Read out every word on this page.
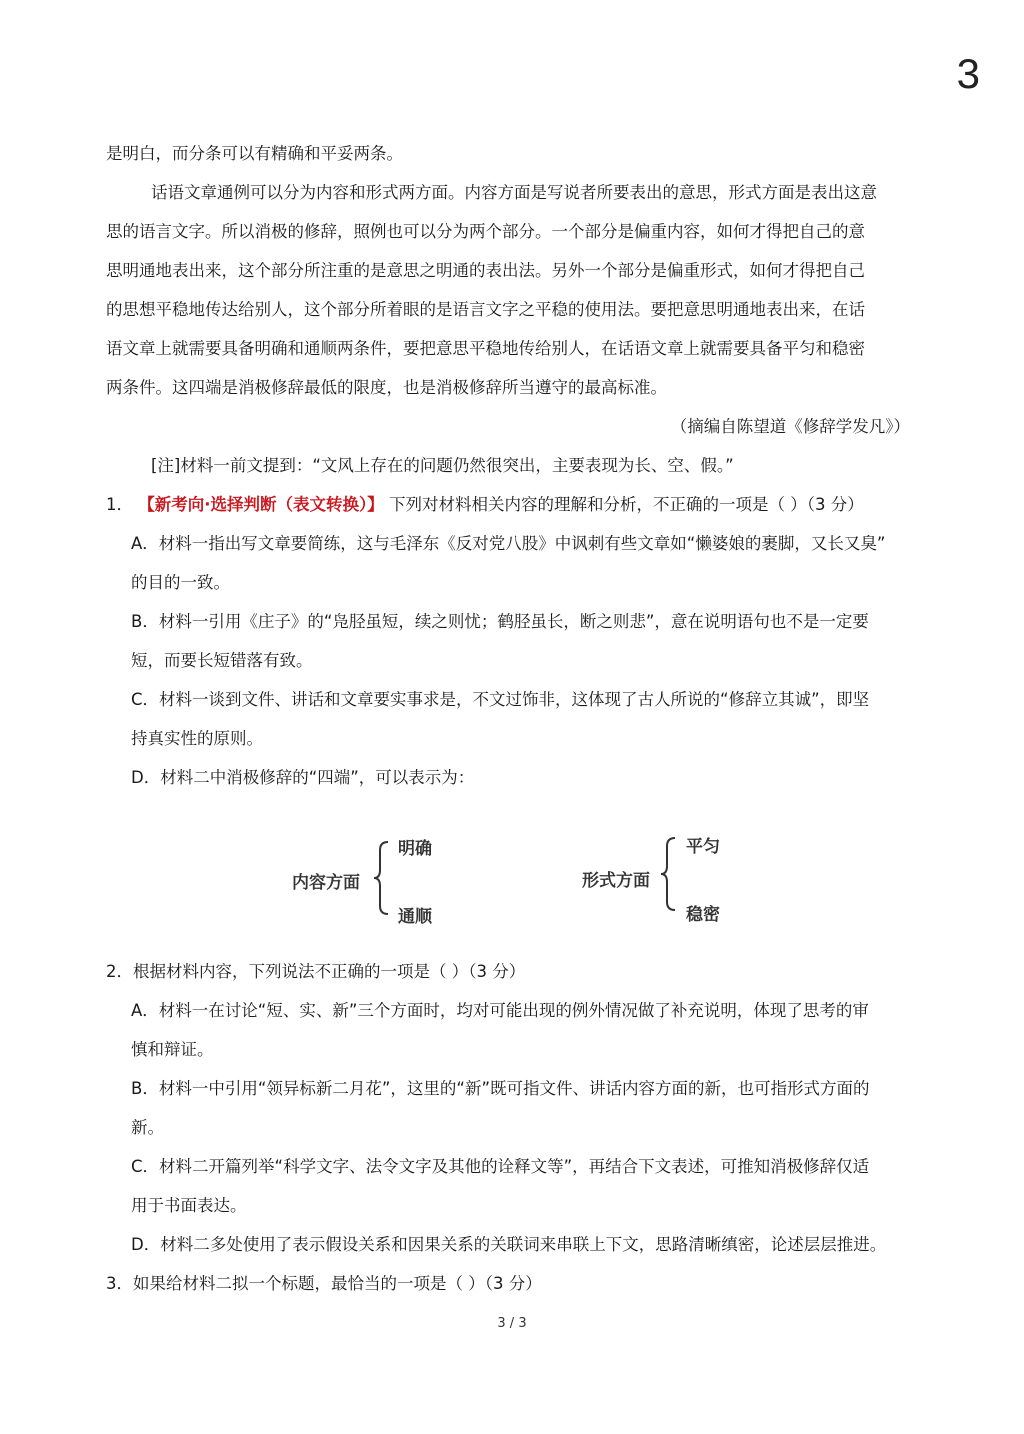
3
是明白，而分条可以有精确和平妥两条。
话语文章通例可以分为内容和形式两方面。内容方面是写说者所要表出的意思，形式方面是表出这意
思的语言文字。所以消极的修辞，照例也可以分为两个部分。一个部分是偏重内容，如何才得把自己的意
思明通地表出来，这个部分所注重的是意思之明通的表出法。另外一个部分是偏重形式，如何才得把自己
的思想平稳地传达给别人，这个部分所着眼的是语言文字之平稳的使用法。要把意思明通地表出来，在话
语文章上就需要具备明确和通顺两条件，要把意思平稳地传给别人，在话语文章上就需要具备平匀和稳密
两条件。这四端是消极修辞最低的限度，也是消极修辞所当遵守的最高标准。
（摘编自陈望道《修辞学发凡》）
[注]材料一前文提到：“文风上存在的问题仍然很突出，主要表现为长、空、假。”
1． 【新考向·选择判断（表文转换）】 下列对材料相关内容的理解和分析，不正确的一项是（ ）（3 分）
A．材料一指出写文章要简练，这与毛泽东《反对党八股》中讽刺有些文章如“懒婆娘的裹脚，又长又臭”
的目的一致。
B．材料一引用《庄子》的“凫胫虽短，续之则忧；鹤胫虽长，断之则悲”，意在说明语句也不是一定要
短，而要长短错落有致。
C．材料一谈到文件、讲话和文章要实事求是，不文过饰非，这体现了古人所说的“修辞立其诚”，即坚
持真实性的原则。
D．材料二中消极修辞的“四端”，可以表示为：
内容方面
明确
通顺
形式方面
平匀
稳密
2．根据材料内容，下列说法不正确的一项是（ ）（3 分）
A．材料一在讨论“短、实、新”三个方面时，均对可能出现的例外情况做了补充说明，体现了思考的审
慎和辩证。
B．材料一中引用“领异标新二月花”，这里的“新”既可指文件、讲话内容方面的新，也可指形式方面的
新。
C．材料二开篇列举“科学文字、法令文字及其他的诠释文等”，再结合下文表述，可推知消极修辞仅适
用于书面表达。
D．材料二多处使用了表示假设关系和因果关系的关联词来串联上下文，思路清晰缜密，论述层层推进。
3．如果给材料二拟一个标题，最恰当的一项是（ ）（3 分）
3 / 3
